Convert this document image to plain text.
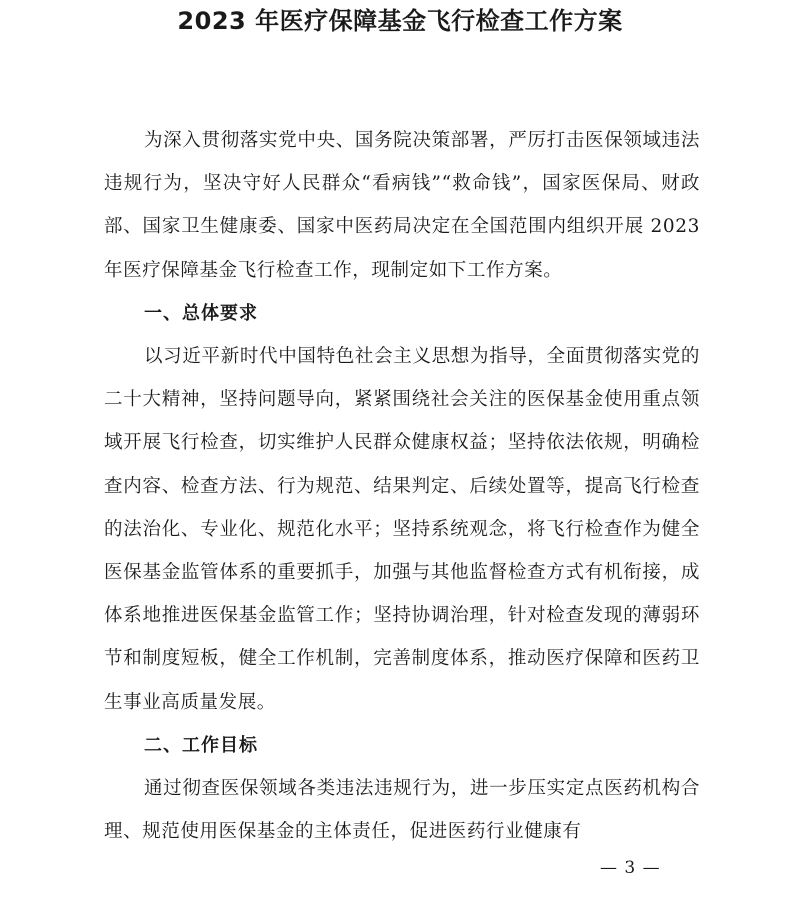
2023 年医疗保障基金飞行检查工作方案

为深入贯彻落实党中央、国务院决策部署，严厉打击医保领域违法违规行为，坚决守好人民群众“看病钱”“救命钱”，国家医保局、财政部、国家卫生健康委、国家中医药局决定在全国范围内组织开展 2023 年医疗保障基金飞行检查工作，现制定如下工作方案。

一、总体要求

以习近平新时代中国特色社会主义思想为指导，全面贯彻落实党的二十大精神，坚持问题导向，紧紧围绕社会关注的医保基金使用重点领域开展飞行检查，切实维护人民群众健康权益；坚持依法依规，明确检查内容、检查方法、行为规范、结果判定、后续处置等，提高飞行检查的法治化、专业化、规范化水平；坚持系统观念，将飞行检查作为健全医保基金监管体系的重要抓手，加强与其他监督检查方式有机衔接，成体系地推进医保基金监管工作；坚持协调治理，针对检查发现的薄弱环节和制度短板，健全工作机制，完善制度体系，推动医疗保障和医药卫生事业高质量发展。

二、工作目标

通过彻查医保领域各类违法违规行为，进一步压实定点医药机构合理、规范使用医保基金的主体责任，促进医药行业健康有

— 3 —
